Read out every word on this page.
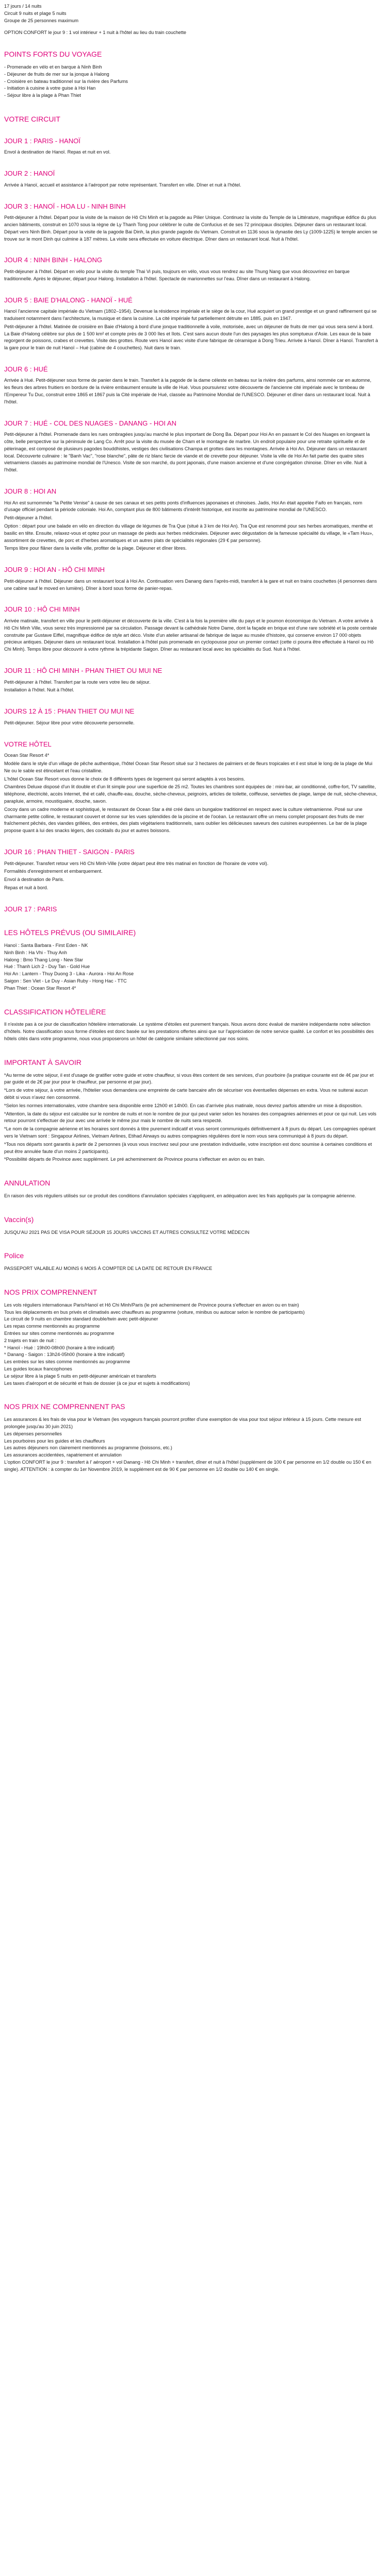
17 jours / 14 nuits

Circuit 9 nuits et plage 5 nuits

Groupe de 25 personnes maximum

OPTION CONFORT le jour 9 : 1 vol intérieur + 1 nuit à l'hôtel au lieu du train couchette

POINTS FORTS DU VOYAGE
- Promenade en vélo et en barque à Ninh Binh
- Déjeuner de fruits de mer sur la jonque à Halong
- Croisière en bateau traditionnel sur la rivière des Parfums
- Initiation à cuisine à votre guise à Hoi Han
- Séjour libre à la plage à Phan Thiet
VOTRE CIRCUIT
JOUR 1 : PARIS - HANOÏ

Envol à destination de Hanoï. Repas et nuit en vol.

JOUR 2 : HANOÏ

Arrivée à Hanoï, accueil et assistance à l'aéroport par notre représentant. Transfert en ville. Dîner et nuit à l'hôtel.

JOUR 3 : HANOÏ - HOA LU - NINH BINH

Petit-déjeuner à l'hôtel. Départ pour la visite de la maison de Hô Chi Minh et la pagode au Pilier Unique. Continuez la visite du Temple de la Littérature, magnifique édifice du plus ancien bâtiments, construit en 1070 sous la règne de Ly Thanh Tong pour célébrer le culte de Confucius et de ses 72 principaux disciples. Déjeuner dans un restaurant local. Départ vers Ninh Binh. Départ pour la visite de la pagode Bai Dinh, la plus grande pagode du Vietnam. Construit en 1136 sous la dynastie des Ly (1009-1225) le temple ancien se trouve sur le mont Dinh qui culmine à 187 mètres. La visite sera effectuée en voiture électrique. Dîner dans un restaurant local. Nuit à l'hôtel.

JOUR 4 : NINH BINH - HALONG

Petit-déjeuner à l'hôtel. Départ en vélo pour la visite du temple Thai Vi puis, toujours en vélo, vous vous rendrez au site Thung Nang que vous découvrirez en barque traditionnelle. Après le déjeuner, départ pour Halong. Installation à l'hôtel. Spectacle de marionnettes sur l'eau. Dîner dans un restaurant à Halong.

JOUR 5 : BAIE D'HALONG - HANOÏ - HUÉ

Hanoï l'ancienne capitale impériale du Vietnam (1802–1954). Devenue la résidence impériale et le siège de la cour, Hué acquiert un grand prestige et un grand raffinement qui se traduisent notamment dans l'architecture, la musique et dans la cuisine. La cité impériale fut partiellement détruite en 1885, puis en 1947.

Petit-déjeuner à l'hôtel. Matinée de croisière en Baie d'Halong à bord d'une jonque traditionnelle à voile, motorisée, avec un déjeuner de fruits de mer qui vous sera servi à bord. La Baie d'Halong célèbre sur plus de 1 500 km² et compte près de 3 000 îles et îlots. C'est sans aucun doute l'un des paysages les plus somptueux d'Asie. Les eaux de la baie regorgent de poissons, crabes et crevettes. Visite des grottes. Route vers Hanoï avec visite d'une fabrique de céramique à Dong Trieu. Arrivée à Hanoï. Dîner à Hanoï. Transfert à la gare pour le train de nuit Hanoï – Hué (cabine de 4 couchettes). Nuit dans le train.

JOUR 6 : HUÉ

Arrivée à Hué. Petit-déjeuner sous forme de panier dans le train. Transfert à la pagode de la dame céleste en bateau sur la rivière des parfums, ainsi nommée car en automne, les fleurs des arbres fruitiers en bordure de la rivière embaument ensuite la ville de Hué. Vous poursuivrez votre découverte de l'ancienne cité impériale avec le tombeau de l'Empereur Tu Duc, construit entre 1865 et 1867 puis la Cité impériale de Hué, classée au Patrimoine Mondial de l'UNESCO. Déjeuner et dîner dans un restaurant local. Nuit à l'hôtel.

JOUR 7 : HUÉ - COL DES NUAGES - DANANG - HOI AN

Petit-déjeuner à l'hôtel. Promenade dans les rues ombragées jusqu'au marché le plus important de Dong Ba. Départ pour Hoi An en passant le Col des Nuages en longeant la côte, belle perspective sur la péninsule de Lang Co. Arrêt pour la visite du musée de Cham et le montagne de marbre. Un endroit populaire pour une retraite spirituelle et de pèlerinage, est composé de plusieurs pagodes bouddhistes, vestiges des civilisations Champa et grottes dans les montagnes. Arrivée à Hoi An. Déjeuner dans un restaurant local. Découverte culinaire : le "Banh Vac", "rose blanche", pâte de riz blanc farcie de viande et de crevette pour déjeuner. Visite la ville de Hoi An fait partie des quatre sites vietnamiens classés au patrimoine mondial de l'Unesco. Visite de son marché, du pont japonais, d'une maison ancienne et d'une congrégation chinoise. Dîner en ville. Nuit à l'hôtel.

JOUR 8 : HOI AN

Hoi An est surnommée "la Petite Venise" à cause de ses canaux et ses petits ponts d'influences japonaises et chinoises. Jadis, Hoi An était appelée Faifo en français, nom d'usage officiel pendant la période coloniale. Hoi An, comptant plus de 800 bâtiments d'intérêt historique, est inscrite au patrimoine mondial de l'UNESCO.

Petit-déjeuner à l'hôtel.

Option : départ pour une balade en vélo en direction du village de légumes de Tra Que (situé à 3 km de Hoi An). Tra Que est renommé pour ses herbes aromatiques, menthe et basilic en tête. Ensuite, relaxez-vous et optez pour un massage de pieds aux herbes médicinales. Déjeuner avec dégustation de la fameuse spécialité du village, le «Tam Huu», assortiment de crevettes, de porc et d'herbes aromatiques et un autres plats de spécialités régionales (29 € par personne).

Temps libre pour flâner dans la vieille ville, profiter de la plage. Déjeuner et dîner libres.

JOUR 9 : HOI AN - HÔ CHI MINH

Petit-déjeuner à l'hôtel. Déjeuner dans un restaurant local à Hoi An. Continuation vers Danang dans l'après-midi, transfert à la gare et nuit en trains couchettes (4 personnes dans une cabine sauf le moved en lumière). Dîner à bord sous forme de panier-repas.

JOUR 10 : HÔ CHI MINH

Arrivée matinale, transfert en ville pour le petit-déjeuner et découverte de la ville. C'est à la fois la première ville du pays et le poumon économique du Vietnam. A votre arrivée à Hô Chi Minh Ville, vous serez très impressionné par sa circulation. Passage devant la cathédrale Notre Dame, dont la façade en brique est d'une rare sobriété et la poste centrale construite par Gustave Eiffel, magnifique édifice de style art déco. Visite d'un atelier artisanal de fabrique de laque au musée d'histoire, qui conserve environ 17 000 objets précieux antiques. Déjeuner dans un restaurant local. Installation à l'hôtel puis promenade en cyclopousse pour un premier contact (cette ci pourra être effectuée à Hanoï ou Hô Chi Minh). Temps libre pour découvrir à votre rythme la trépidante Saigon. Dîner au restaurant local avec les spécialités du Sud. Nuit à l'hôtel.

JOUR 11 : HÔ CHI MINH - PHAN THIET OU MUI NE

Petit-déjeuner à l'hôtel. Transfert par la route vers votre lieu de séjour.

Installation à l'hôtel. Nuit à l'hôtel.

JOURS 12 À 15 : PHAN THIET OU MUI NE

Petit-déjeuner. Séjour libre pour votre découverte personnelle.

VOTRE HÔTEL

Ocean Star Resort 4*

Modèle dans le style d'un village de pêche authentique, l'hôtel Ocean Star Resort situé sur 3 hectares de palmiers et de fleurs tropicales et il est situé le long de la plage de Mui Ne ou le sable est étincelant et l'eau cristalline.

L'hôtel Ocean Star Resort vous donne le choix de 8 différents types de logement qui seront adaptés à vos besoins.

Chambres Deluxe disposé d'un lit double et d'un lit simple pour une superficie de 25 m2. Toutes les chambres sont équipées de : mini-bar, air conditionné, coffre-fort, TV satellite, téléphone, électricité, accès Internet, thé et café, chauffe-eau, douche, sèche-cheveux, peignoirs, articles de toilette, coiffeuse, serviettes de plage, lampe de nuit, sèche-cheveux, parapluie, armoire, moustiquaire, douche, savon.

Cocoy dans un cadre moderne et sophistiqué, le restaurant de Ocean Star a été créé dans un bungalow traditionnel en respect avec la culture vietnamienne. Posé sur une charmante petite colline, le restaurant couvert et donne sur les vues splendides de la piscine et de l'océan. Le restaurant offre un menu complet proposant des fruits de mer fraîchement pêchés, des viandes grillées, des entrées, des plats végétariens traditionnels, sans oublier les délicieuses saveurs des cuisines européennes. Le bar de la plage propose quant à lui des snacks légers, des cocktails du jour et autres boissons.

JOUR 16 : PHAN THIET - SAIGON - PARIS

Petit-déjeuner. Transfert retour vers Hô Chi Minh-Ville (votre départ peut être très matinal en fonction de l'horaire de votre vol).

Formalités d'enregistrement et embarquement.

Envol à destination de Paris.

Repas et nuit à bord.

JOUR 17 : PARIS
LES HÔTELS PRÉVUS (OU SIMILAIRE)
Hanoï : Santa Barbara - First Eden - NK
Ninh Binh : Ha Vhi - Thuy Anh
Halong : Bmo Thang Long - New Star
Hué : Thanh Lich 2 - Duy Tan - Gold Hue
Hoi An : Lantern - Thuy Duong 3 - Lika - Aurora - Hoi An Rose
Saigon : Sen Viet - Le Duy - Asian Ruby - Hong Hac - TTC
Phan Thiet : Ocean Star Resort 4*
CLASSIFICATION HÔTELIÈRE

Il n'existe pas à ce jour de classification hôtelière internationale. Le système d'étoiles est purement français. Nous avons donc évalué de manière indépendante notre sélection d'hôtels. Notre classification sous forme d'étoiles est donc basée sur les prestations offertes ainsi que sur l'appréciation de notre service qualité. Le confort et les possibilités des hôtels cités dans votre programme, nous vous proposerons un hôtel de catégorie similaire sélectionné par nos soins.

IMPORTANT À SAVOIR

*Au terme de votre séjour, il est d'usage de gratifier votre guide et votre chauffeur, si vous êtes content de ses services, d'un pourboire (la pratique courante est de 4€ par jour et par guide et de 2€ par jour pour le chauffeur, par personne et par jour).

*Lors de votre séjour, à votre arrivée, l'hôtelier vous demandera une empreinte de carte bancaire afin de sécuriser vos éventuelles dépenses en extra. Vous ne suiterai aucun débit si vous n'avez rien consommé.

*Selon les normes internationales, votre chambre sera disponible entre 12h00 et 14h00. En cas d'arrivée plus matinale, nous devrez parfois attendre un mise à disposition.

*Attention, la date du séjour est calculée sur le nombre de nuits et non le nombre de jour qui peut varier selon les horaires des compagnies aériennes et pour ce qui nuit. Les vols retour pourront s'effectuer de jour avec une arrivée le même jour mais le nombre de nuits sera respecté.

*Le nom de la compagnie aérienne et les horaires sont donnés à titre purement indicatif et vous seront communiqués définitivement à 8 jours du départ. Les compagnies opérant vers le Vietnam sont : Singapour Airlines, Vietnam Airlines, Etihad Airways ou autres compagnies régulières dont le nom vous sera communiqué à 8 jours du départ.

*Tous nos départs sont garantis à partir de 2 personnes (à vous vous inscrivez seul pour une prestation individuelle, votre inscription est donc soumise à certaines conditions et peut être annulée faute d'un moins 2 participants).

*Possibilité départs de Province avec supplément. Le pré acheminement de Province pourra s'effectuer en avion ou en train.

ANNULATION

En raison des vols réguliers utilisés sur ce produit des conditions d'annulation spéciales s'appliquent, en adéquation avec les frais appliqués par la compagnie aérienne.

Vaccin(s)

JUSQU'AU 2021 PAS DE VISA POUR SÉJOUR 15 JOURS VACCINS ET AUTRES CONSULTEZ VOTRE MÉDECIN

Police

PASSEPORT VALABLE AU MOINS 6 MOIS À COMPTER DE LA DATE DE RETOUR EN FRANCE

NOS PRIX COMPRENNENT
Les vols réguliers internationaux Paris/Hanoï et Hô Chi Minh/Paris (le pré acheminement de Province pourra s'effectuer en avion ou en train)
Tous les déplacements en bus privés et climatisés avec chauffeurs au programme (voiture, minibus ou autocar selon le nombre de participants)
Le circuit de 9 nuits en chambre standard double/twin avec petit-déjeuner
Les repas comme mentionnés au programme
Entrées sur sites comme mentionnés au programme
2 trajets en train de nuit :
* Hanoï - Hué : 19h00-08h00 (horaire à titre indicatif)
* Danang - Saigon : 13h24-05h00 (horaire à titre indicatif)
Les entrées sur les sites comme mentionnés au programme
Les guides locaux francophones
Le séjour libre à la plage 5 nuits en petit-déjeuner américain et transferts
Les taxes d'aéroport et de sécurité et frais de dossier (à ce jour et sujets à modifications)
NOS PRIX NE COMPRENNENT PAS
Les assurances & les frais de visa pour le Vietnam (les voyageurs français pourront profiter d'une exemption de visa pour tout séjour inférieur à 15 jours. Cette mesure est prolongée jusqu'au 30 juin 2021)
Les dépenses personnelles
Les pourboires pour les guides et les chauffeurs
Les autres déjeuners non clairement mentionnés au programme (boissons, etc.)
Les assurances accidentées, rapatriement et annulation
L'option CONFORT le jour 9 : transfert à l' aéroport + vol Danang - Hô Chi Minh + transfert, dîner et nuit à l'hôtel (supplément de 100 € par personne en 1/2 double ou 150 € en single). ATTENTION : à compter du 1er Novembre 2019, le supplément est de 90 € par personne en 1/2 double ou 140 € en single.
